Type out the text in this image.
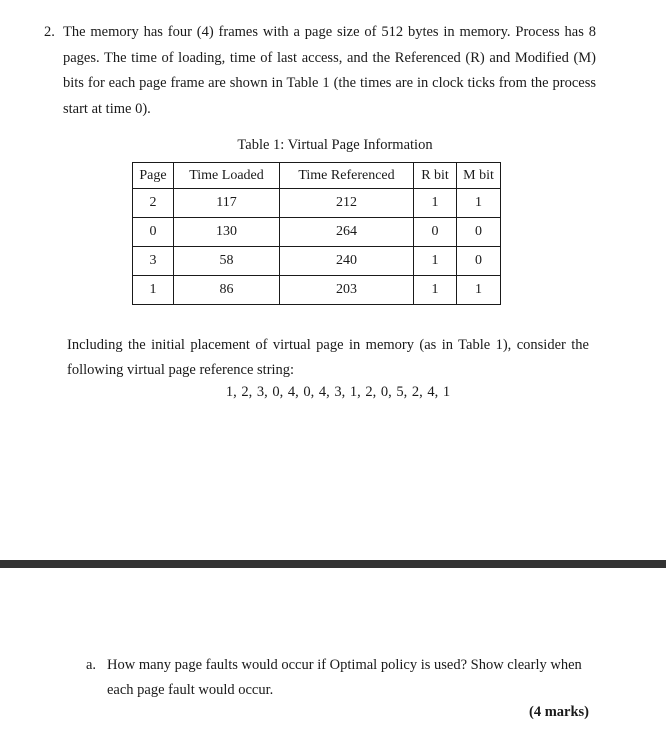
2. The memory has four (4) frames with a page size of 512 bytes in memory. Process has 8 pages. The time of loading, time of last access, and the Referenced (R) and Modified (M) bits for each page frame are shown in Table 1 (the times are in clock ticks from the process start at time 0).

Table 1: Virtual Page Information
Page	Time Loaded	Time Referenced	R bit	M bit
2	117	212	1	1
0	130	264	0	0
3	58	240	1	0
1	86	203	1	1

Including the initial placement of virtual page in memory (as in Table 1), consider the following virtual page reference string:

1, 2, 3, 0, 4, 0, 4, 3, 1, 2, 0, 5, 2, 4, 1
a. How many page faults would occur if Optimal policy is used? Show clearly when each page fault would occur.

(4 marks)
